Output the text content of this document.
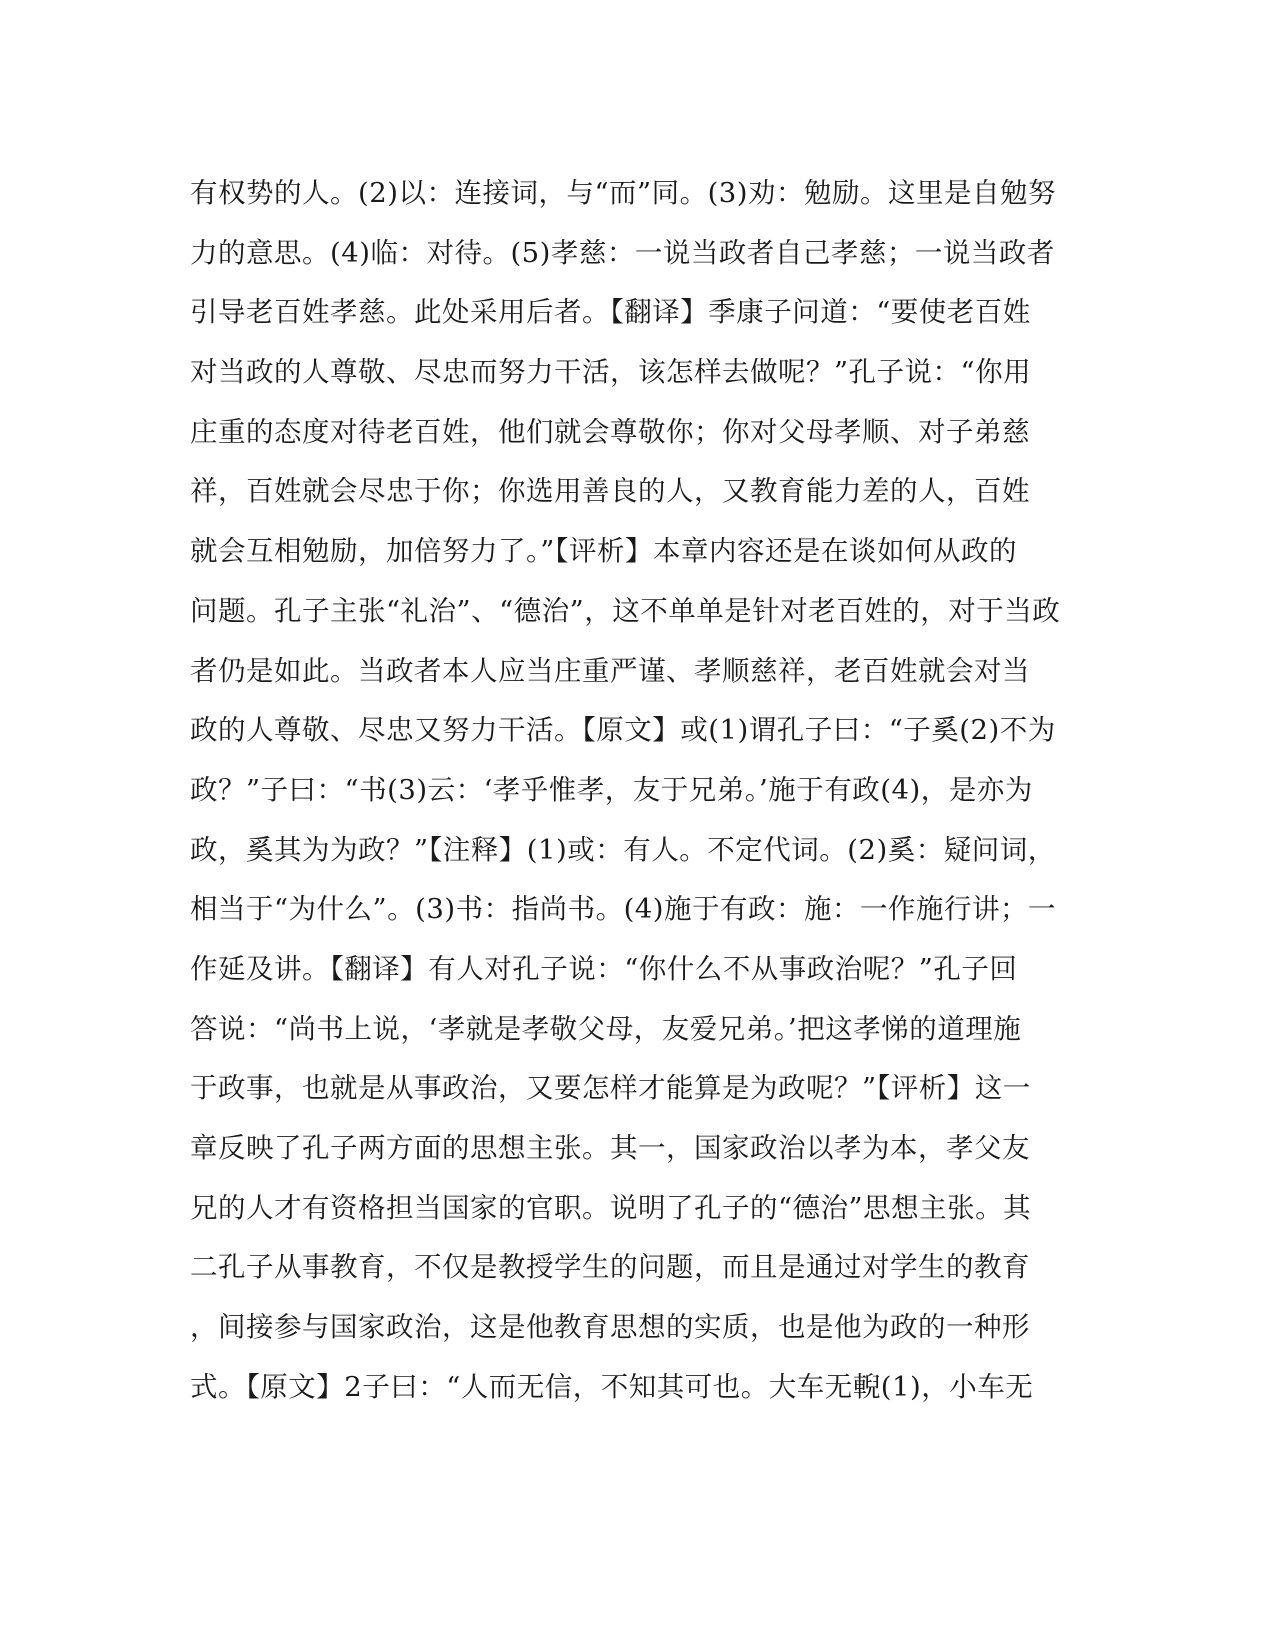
有权势的人。(2)以：连接词，与“而”同。(3)劝：勉励。这里是自勉努
力的意思。(4)临：对待。(5)孝慈：一说当政者自己孝慈；一说当政者
引导老百姓孝慈。此处采用后者。【翻译】季康子问道：“要使老百姓
对当政的人尊敬、尽忠而努力干活，该怎样去做呢？”孔子说：“你用
庄重的态度对待老百姓，他们就会尊敬你；你对父母孝顺、对子弟慈
祥，百姓就会尽忠于你；你选用善良的人，又教育能力差的人，百姓
就会互相勉励，加倍努力了。”【评析】本章内容还是在谈如何从政的
问题。孔子主张“礼治”、“德治”，这不单单是针对老百姓的，对于当政
者仍是如此。当政者本人应当庄重严谨、孝顺慈祥，老百姓就会对当
政的人尊敬、尽忠又努力干活。【原文】或(1)谓孔子曰：“子奚(2)不为
政？”子曰：“书(3)云：‘孝乎惟孝，友于兄弟。’施于有政(4)，是亦为
政，奚其为为政？”【注释】(1)或：有人。不定代词。(2)奚：疑问词，
相当于“为什么”。(3)书：指尚书。(4)施于有政：施：一作施行讲；一
作延及讲。【翻译】有人对孔子说：“你什么不从事政治呢？”孔子回
答说：“尚书上说，‘孝就是孝敬父母，友爱兄弟。’把这孝悌的道理施
于政事，也就是从事政治，又要怎样才能算是为政呢？”【评析】这一
章反映了孔子两方面的思想主张。其一，国家政治以孝为本，孝父友
兄的人才有资格担当国家的官职。说明了孔子的“德治”思想主张。其
二孔子从事教育，不仅是教授学生的问题，而且是通过对学生的教育
，间接参与国家政治，这是他教育思想的实质，也是他为政的一种形
式。【原文】2子曰：“人而无信，不知其可也。大车无輗(1)，小车无
